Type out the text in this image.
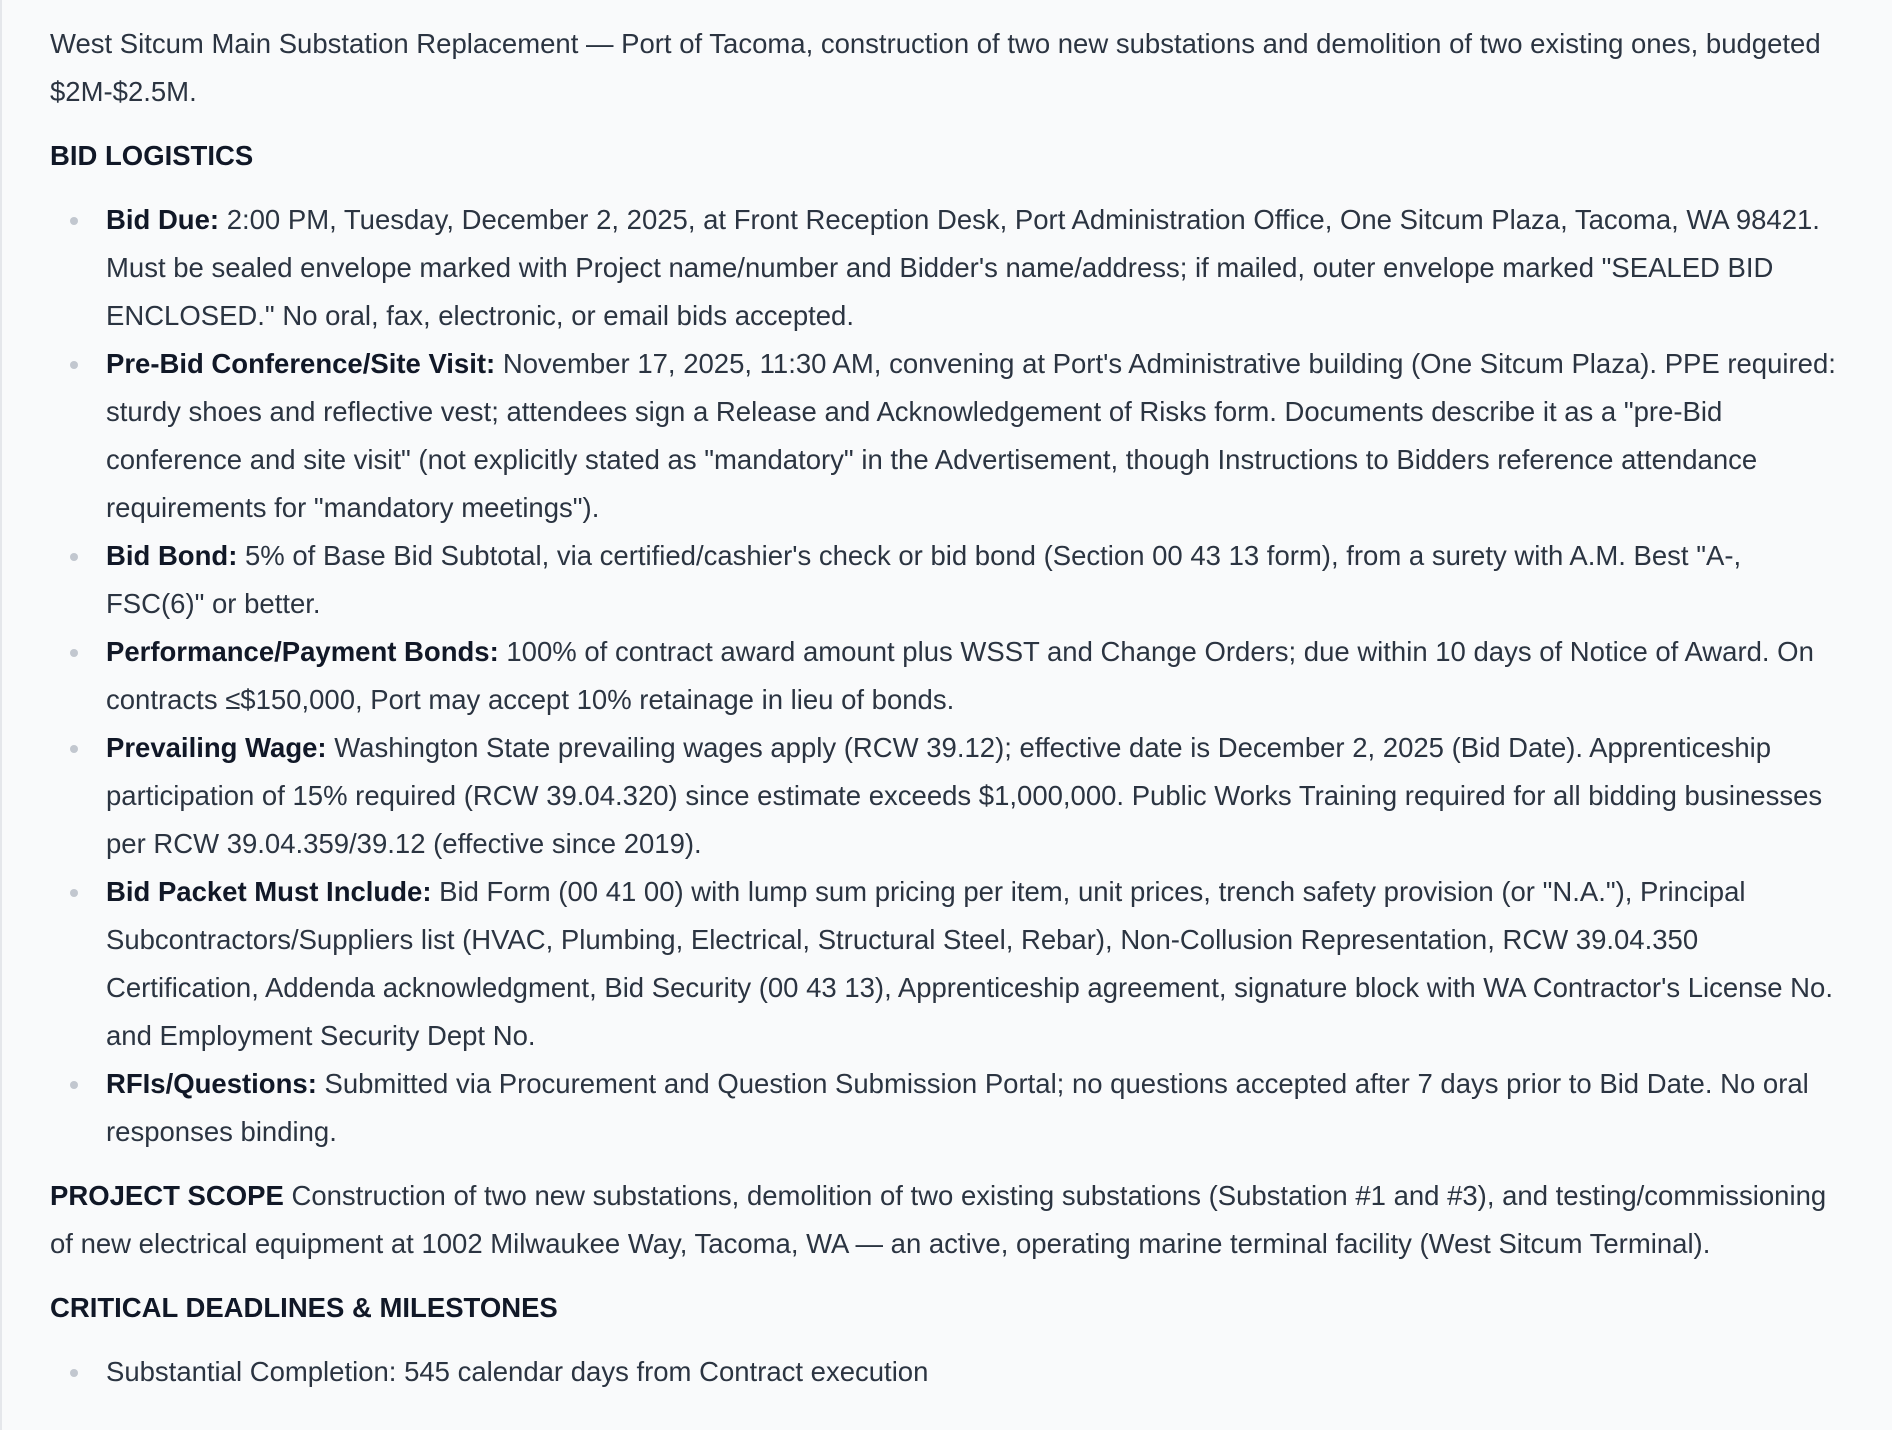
West Sitcum Main Substation Replacement — Port of Tacoma, construction of two new substations and demolition of two existing ones, budgeted $2M-$2.5M.

BID LOGISTICS
Bid Due: 2:00 PM, Tuesday, December 2, 2025, at Front Reception Desk, Port Administration Office, One Sitcum Plaza, Tacoma, WA 98421. Must be sealed envelope marked with Project name/number and Bidder's name/address; if mailed, outer envelope marked "SEALED BID ENCLOSED." No oral, fax, electronic, or email bids accepted.
Pre-Bid Conference/Site Visit: November 17, 2025, 11:30 AM, convening at Port's Administrative building (One Sitcum Plaza). PPE required: sturdy shoes and reflective vest; attendees sign a Release and Acknowledgement of Risks form. Documents describe it as a "pre-Bid conference and site visit" (not explicitly stated as "mandatory" in the Advertisement, though Instructions to Bidders reference attendance requirements for "mandatory meetings").
Bid Bond: 5% of Base Bid Subtotal, via certified/cashier's check or bid bond (Section 00 43 13 form), from a surety with A.M. Best "A-, FSC(6)" or better.
Performance/Payment Bonds: 100% of contract award amount plus WSST and Change Orders; due within 10 days of Notice of Award. On contracts ≤$150,000, Port may accept 10% retainage in lieu of bonds.
Prevailing Wage: Washington State prevailing wages apply (RCW 39.12); effective date is December 2, 2025 (Bid Date). Apprenticeship participation of 15% required (RCW 39.04.320) since estimate exceeds $1,000,000. Public Works Training required for all bidding businesses per RCW 39.04.359/39.12 (effective since 2019).
Bid Packet Must Include: Bid Form (00 41 00) with lump sum pricing per item, unit prices, trench safety provision (or "N.A."), Principal Subcontractors/Suppliers list (HVAC, Plumbing, Electrical, Structural Steel, Rebar), Non-Collusion Representation, RCW 39.04.350 Certification, Addenda acknowledgment, Bid Security (00 43 13), Apprenticeship agreement, signature block with WA Contractor's License No. and Employment Security Dept No.
RFIs/Questions: Submitted via Procurement and Question Submission Portal; no questions accepted after 7 days prior to Bid Date. No oral responses binding.

PROJECT SCOPE Construction of two new substations, demolition of two existing substations (Substation #1 and #3), and testing/commissioning of new electrical equipment at 1002 Milwaukee Way, Tacoma, WA — an active, operating marine terminal facility (West Sitcum Terminal).

CRITICAL DEADLINES & MILESTONES
Substantial Completion: 545 calendar days from Contract execution
